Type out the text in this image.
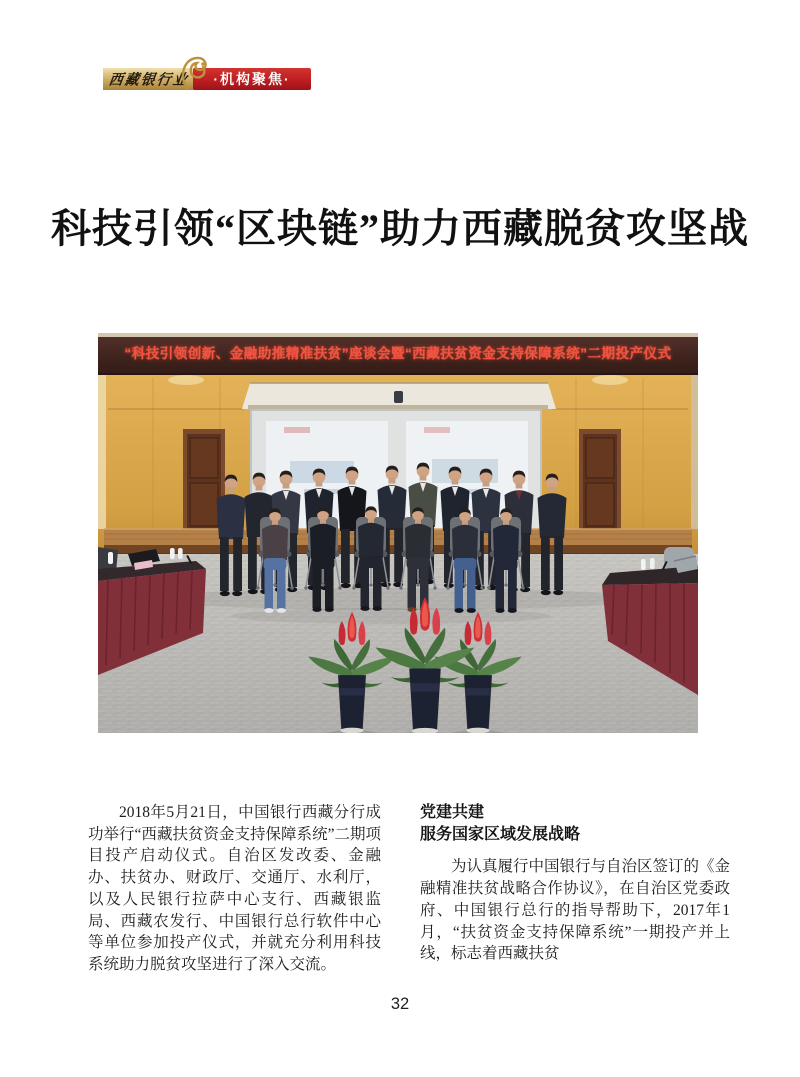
西藏银行业 ·机构聚焦·
科技引领“区块链”助力西藏脱贫攻坚战
“科技引领创新、金融助推精准扶贫”座谈会暨“西藏扶贫资金支持保障系统”二期投产仪式

2018年5月21日，中国银行西藏分行成功举行“西藏扶贫资金支持保障系统”二期项目投产启动仪式。自治区发改委、金融办、扶贫办、财政厅、交通厅、水利厅，以及人民银行拉萨中心支行、西藏银监局、西藏农发行、中国银行总行软件中心等单位参加投产仪式，并就充分利用科技系统助力脱贫攻坚进行了深入交流。

党建共建
服务国家区域发展战略

为认真履行中国银行与自治区签订的《金融精准扶贫战略合作协议》，在自治区党委政府、中国银行总行的指导帮助下，2017年1月，“扶贫资金支持保障系统”一期投产并上线，标志着西藏扶贫

32
